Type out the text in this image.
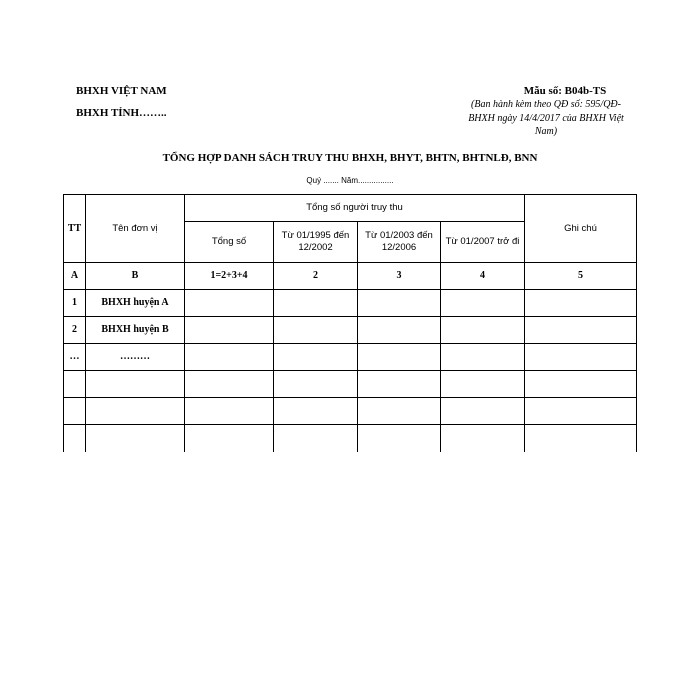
BHXH VIỆT NAM
BHXH TỈNH……..
Mẫu số: B04b-TS
(Ban hành kèm theo QĐ số: 595/QĐ-BHXH ngày 14/4/2017 của BHXH Việt Nam)
TỔNG HỢP DANH SÁCH TRUY THU BHXH, BHYT, BHTN, BHTNLĐ, BNN
Quý ....... Năm................
TT	Tên đơn vị	Tổng số người truy thu				Ghi chú
		Tổng số	Từ 01/1995 đến 12/2002	Từ 01/2003 đến 12/2006	Từ 01/2007 trở đi	
A	B	1=2+3+4	2	3	4	5
1	BHXH huyện A					
2	BHXH huyện B					
…	………					
